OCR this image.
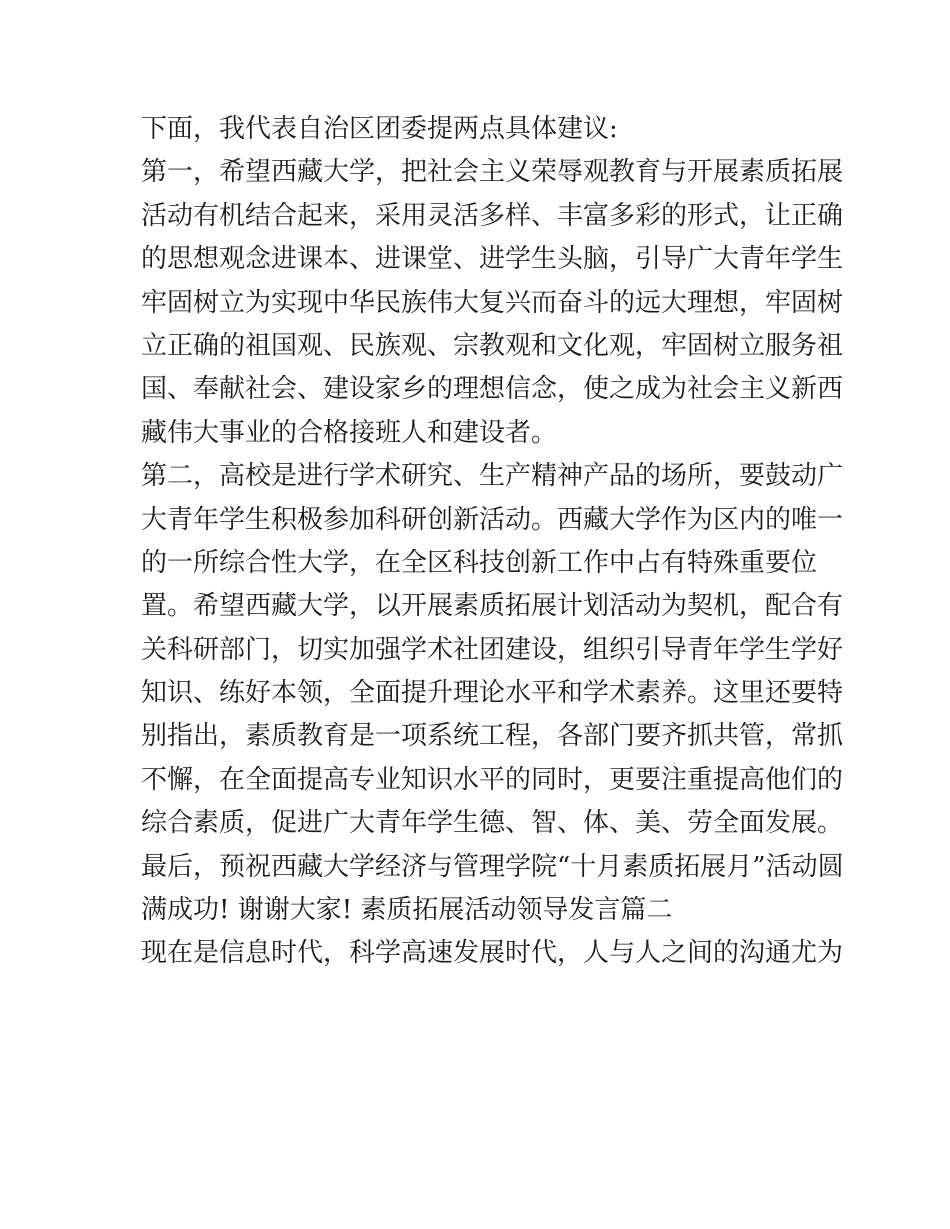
下面，我代表自治区团委提两点具体建议:
第一，希望西藏大学，把社会主义荣辱观教育与开展素质拓展
活动有机结合起来，采用灵活多样、丰富多彩的形式，让正确
的思想观念进课本、进课堂、进学生头脑，引导广大青年学生
牢固树立为实现中华民族伟大复兴而奋斗的远大理想，牢固树
立正确的祖国观、民族观、宗教观和文化观，牢固树立服务祖
国、奉献社会、建设家乡的理想信念，使之成为社会主义新西
藏伟大事业的合格接班人和建设者。
第二，高校是进行学术研究、生产精神产品的场所，要鼓动广
大青年学生积极参加科研创新活动。西藏大学作为区内的唯一
的一所综合性大学，在全区科技创新工作中占有特殊重要位
置。希望西藏大学，以开展素质拓展计划活动为契机，配合有
关科研部门，切实加强学术社团建设，组织引导青年学生学好
知识、练好本领，全面提升理论水平和学术素养。这里还要特
别指出，素质教育是一项系统工程，各部门要齐抓共管，常抓
不懈，在全面提高专业知识水平的同时，更要注重提高他们的
综合素质，促进广大青年学生德、智、体、美、劳全面发展。
最后，预祝西藏大学经济与管理学院“十月素质拓展月”活动圆
满成功! 谢谢大家! 素质拓展活动领导发言篇二
现在是信息时代，科学高速发展时代，人与人之间的沟通尤为
